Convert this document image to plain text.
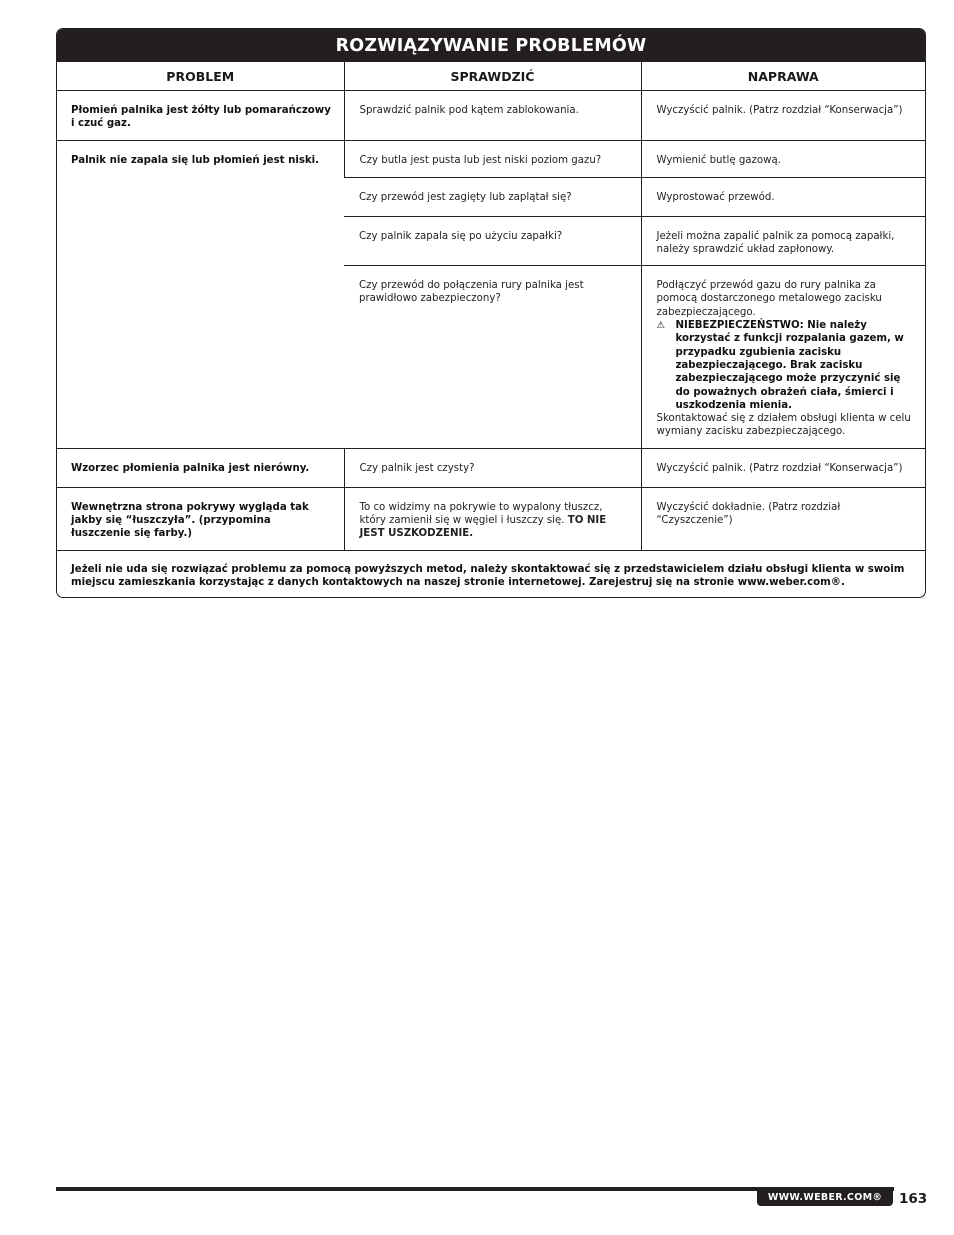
ROZWIĄZYWANIE PROBLEMÓW
PROBLEM	SPRAWDZIĆ	NAPRAWA
Płomień palnika jest żółty lub pomarańczowy i czuć gaz.	Sprawdzić palnik pod kątem zablokowania.	Wyczyścić palnik. (Patrz rozdział “Konserwacja”)
Palnik nie zapala się lub płomień jest niski.	Czy butla jest pusta lub jest niski poziom gazu?	Wymienić butlę gazową.
	Czy przewód jest zagięty lub zaplątał się?	Wyprostować przewód.
	Czy palnik zapala się po użyciu zapałki?	Jeżeli można zapalić palnik za pomocą zapałki, należy sprawdzić układ zapłonowy.
	Czy przewód do połączenia rury palnika jest prawidłowo zabezpieczony?	Podłączyć przewód gazu do rury palnika za pomocą dostarczonego metalowego zacisku zabezpieczającego.
⚠ NIEBEZPIECZEŃSTWO: Nie należy
korzystać z funkcji rozpalania gazem, w przypadku zgubienia zacisku zabezpieczającego. Brak zacisku zabezpieczającego może przyczynić się do poważnych obrażeń ciała, śmierci i uszkodzenia mienia.
Skontaktować się z działem obsługi klienta w celu wymiany zacisku zabezpieczającego.

Wzorzec płomienia palnika jest nierówny.	Czy palnik jest czysty?	Wyczyścić palnik. (Patrz rozdział “Konserwacja”)
Wewnętrzna strona pokrywy wygląda tak jakby się “łuszczyła”. (przypomina łuszczenie się farby.)	To co widzimy na pokrywie to wypalony tłuszcz, który zamienił się w węgiel i łuszczy się. TO NIE JEST USZKODZENIE.	Wyczyścić dokładnie. (Patrz rozdział “Czyszczenie”)
Jeżeli nie uda się rozwiązać problemu za pomocą powyższych metod, należy skontaktować się z przedstawicielem działu obsługi klienta w swoim miejscu zamieszkania korzystając z danych kontaktowych na naszej stronie internetowej. Zarejestruj się na stronie www.weber.com®.		
WWW.WEBER.COM®	163
